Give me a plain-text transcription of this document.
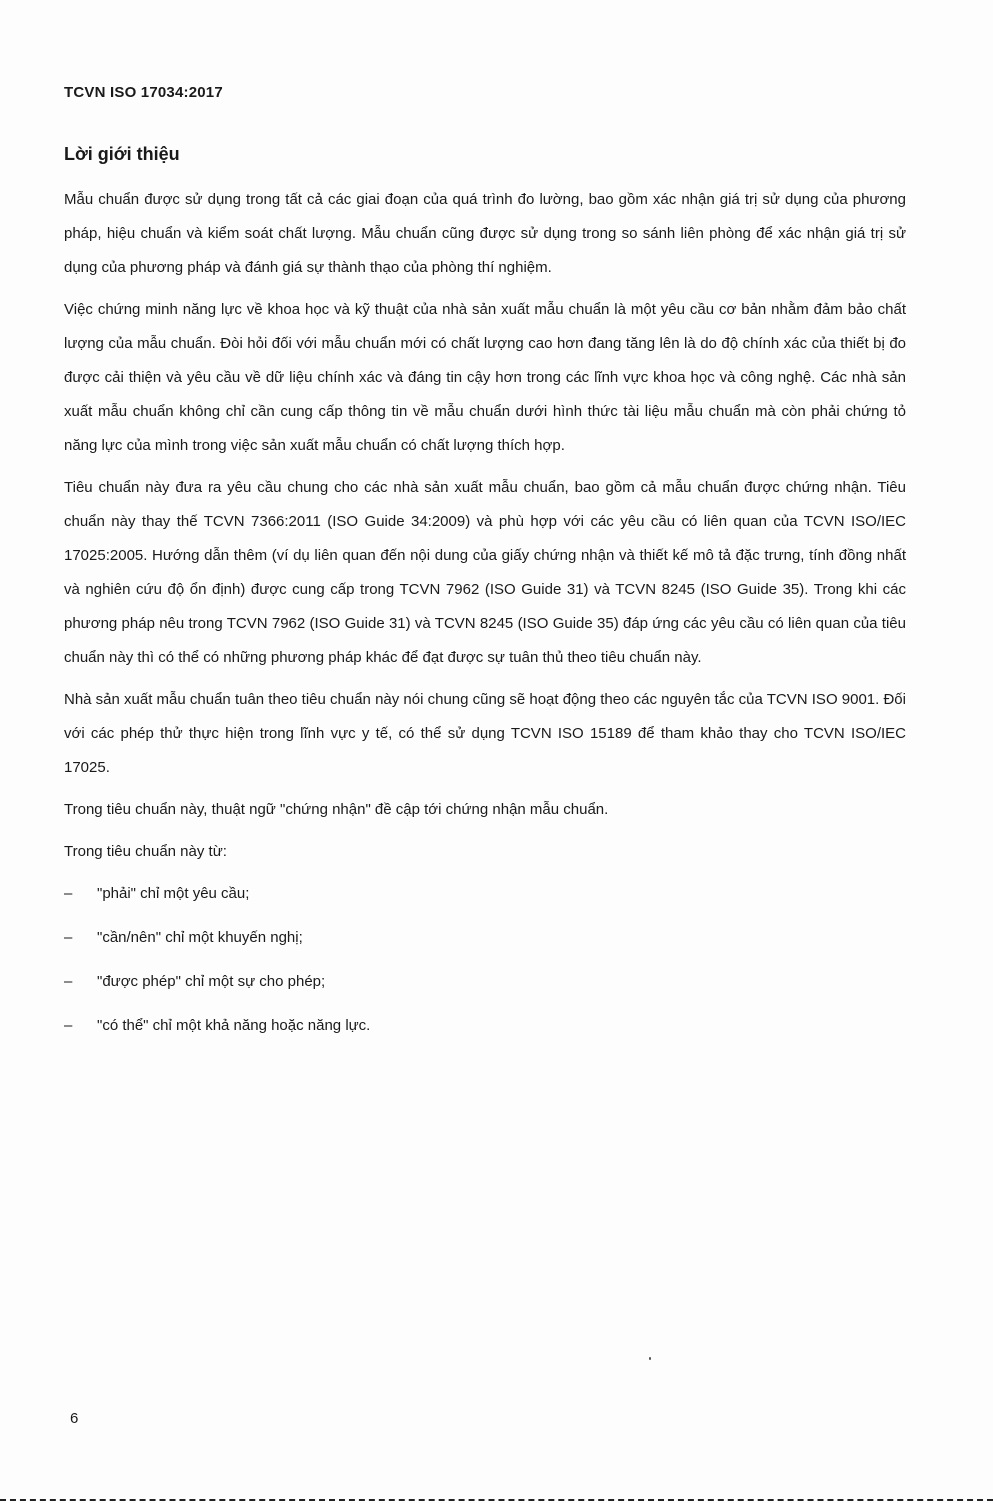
TCVN ISO 17034:2017
Lời giới thiệu

Mẫu chuẩn được sử dụng trong tất cả các giai đoạn của quá trình đo lường, bao gồm xác nhận giá trị sử dụng của phương pháp, hiệu chuẩn và kiểm soát chất lượng. Mẫu chuẩn cũng được sử dụng trong so sánh liên phòng để xác nhận giá trị sử dụng của phương pháp và đánh giá sự thành thạo của phòng thí nghiệm.

Việc chứng minh năng lực về khoa học và kỹ thuật của nhà sản xuất mẫu chuẩn là một yêu cầu cơ bản nhằm đảm bảo chất lượng của mẫu chuẩn. Đòi hỏi đối với mẫu chuẩn mới có chất lượng cao hơn đang tăng lên là do độ chính xác của thiết bị đo được cải thiện và yêu cầu về dữ liệu chính xác và đáng tin cậy hơn trong các lĩnh vực khoa học và công nghệ. Các nhà sản xuất mẫu chuẩn không chỉ cần cung cấp thông tin về mẫu chuẩn dưới hình thức tài liệu mẫu chuẩn mà còn phải chứng tỏ năng lực của mình trong việc sản xuất mẫu chuẩn có chất lượng thích hợp.

Tiêu chuẩn này đưa ra yêu cầu chung cho các nhà sản xuất mẫu chuẩn, bao gồm cả mẫu chuẩn được chứng nhận. Tiêu chuẩn này thay thế TCVN 7366:2011 (ISO Guide 34:2009) và phù hợp với các yêu cầu có liên quan của TCVN ISO/IEC 17025:2005. Hướng dẫn thêm (ví dụ liên quan đến nội dung của giấy chứng nhận và thiết kế mô tả đặc trưng, tính đồng nhất và nghiên cứu độ ổn định) được cung cấp trong TCVN 7962 (ISO Guide 31) và TCVN 8245 (ISO Guide 35). Trong khi các phương pháp nêu trong TCVN 7962 (ISO Guide 31) và TCVN 8245 (ISO Guide 35) đáp ứng các yêu cầu có liên quan của tiêu chuẩn này thì có thể có những phương pháp khác để đạt được sự tuân thủ theo tiêu chuẩn này.

Nhà sản xuất mẫu chuẩn tuân theo tiêu chuẩn này nói chung cũng sẽ hoạt động theo các nguyên tắc của TCVN ISO 9001. Đối với các phép thử thực hiện trong lĩnh vực y tế, có thể sử dụng TCVN ISO 15189 để tham khảo thay cho TCVN ISO/IEC 17025.

Trong tiêu chuẩn này, thuật ngữ "chứng nhận" đề cập tới chứng nhận mẫu chuẩn.

Trong tiêu chuẩn này từ:

– "phải" chỉ một yêu cầu;
– "cần/nên" chỉ một khuyến nghị;
– "được phép" chỉ một sự cho phép;
– "có thể" chỉ một khả năng hoặc năng lực.
6
